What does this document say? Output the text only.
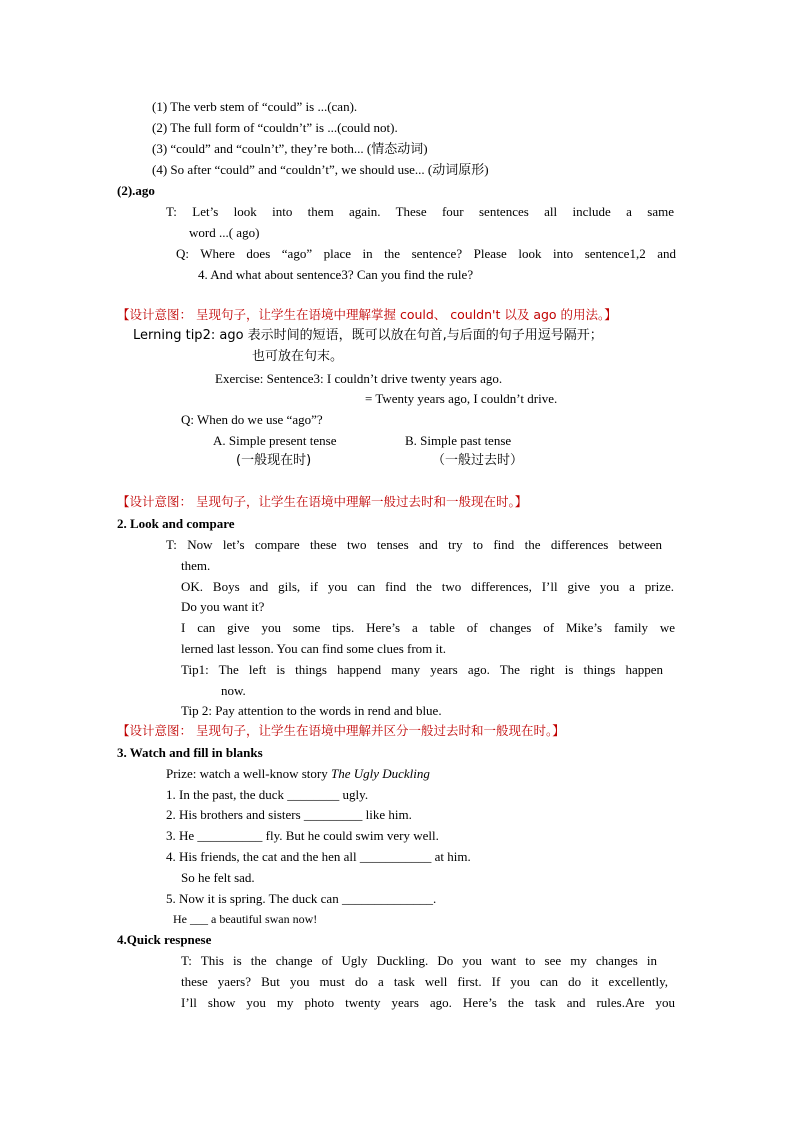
(1) The verb stem of “could” is ...(can).
(2) The full form of “couldn’t” is ...(could not).
(3) “could” and “couln’t”, they’re both... (情态动词)
(4) So after “could” and “couldn’t”, we should use... (动词原形)
(2).ago
T: Let’s look into them again. These four sentences all include a same
word ...( ago)
Q: Where does “ago” place in the sentence? Please look into sentence1,2 and
4. And what about sentence3? Can you find the rule?
【设计意图： 呈现句子，让学生在语境中理解掌握 could、 couldn't 以及 ago 的用法。】
Lerning tip2: ago 表示时间的短语，既可以放在句首,与后面的句子用逗号隔开；
也可放在句末。
Exercise: Sentence3: I couldn’t drive twenty years ago.
= Twenty years ago, I couldn’t drive.
Q: When do we use “ago”?
A. Simple present tense	B. Simple past tense
(一般现在时)	（一般过去时）
【设计意图： 呈现句子，让学生在语境中理解一般过去时和一般现在时。】
2. Look and compare
T: Now let’s compare these two tenses and try to find the differences between
them.
OK. Boys and gils, if you can find the two differences, I’ll give you a prize.
Do you want it?
I can give you some tips. Here’s a table of changes of Mike’s family we
lerned last lesson. You can find some clues from it.
Tip1: The left is things happend many years ago. The right is things happen
now.
Tip 2: Pay attention to the words in rend and blue.
【设计意图： 呈现句子，让学生在语境中理解并区分一般过去时和一般现在时。】
3. Watch and fill in blanks
Prize: watch a well-know story The Ugly Duckling
1. In the past, the duck ________ ugly.
2. His brothers and sisters _________ like him.
3. He __________ fly. But he could swim very well.
4. His friends, the cat and the hen all ___________ at him.
So he felt sad.
5. Now it is spring. The duck can ______________.
He ___ a beautiful swan now!
4.Quick respnese
T: This is the change of Ugly Duckling. Do you want to see my changes in
these yaers? But you must do a task well first. If you can do it excellently,
I’ll show you my photo twenty years ago. Here’s the task and rules.Are you
